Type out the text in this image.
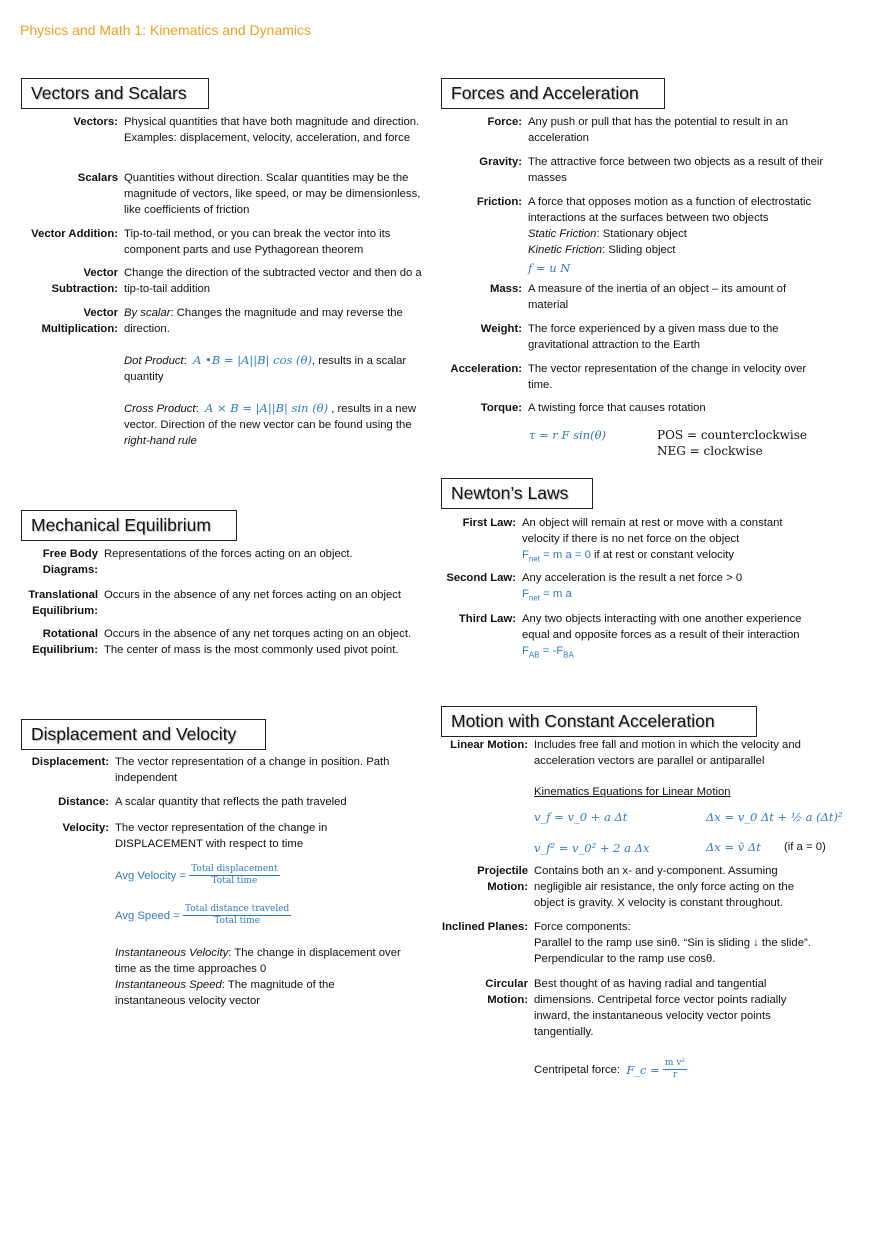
Physics and Math 1: Kinematics and Dynamics
Vectors and Scalars
Vectors: Physical quantities that have both magnitude and direction. Examples: displacement, velocity, acceleration, and force
Scalars Quantities without direction. Scalar quantities may be the magnitude of vectors, like speed, or may be dimensionless, like coefficients of friction
Vector Addition: Tip-to-tail method, or you can break the vector into its component parts and use Pythagorean theorem
Vector Subtraction:
Change the direction of the subtracted vector and then do a tip-to-tail addition
Vector Multiplication:
By scalar: Changes the magnitude and may reverse the direction.
Dot Product:  A •B = |A||B| cos (θ), results in a scalar quantity
Cross Product:  A × B = |A||B| sin (θ) , results in a new vector. Direction of the new vector can be found using the right-hand rule
Mechanical Equilibrium
Free Body Diagrams:
Representations of the forces acting on an object.
Translational Equilibrium:
Occurs in the absence of any net forces acting on an object
Rotational Equilibrium:
Occurs in the absence of any net torques acting on an object. The center of mass is the most commonly used pivot point.
Displacement and Velocity
Displacement: The vector representation of a change in position. Path independent
Distance: A scalar quantity that reflects the path traveled
Velocity: The vector representation of the change in DISPLACEMENT with respect to time
Avg Velocity =
$\frac{\text{Total displacement}}{\text{Total time}}$
Avg Speed =
$\frac{\text{Total distance traveled}}{\text{Total time}}$
Instantaneous Velocity: The change in displacement over time as the time approaches 0
Instantaneous Speed: The magnitude of the instantaneous velocity vector
Forces and Acceleration
Force: Any push or pull that has the potential to result in an acceleration
Gravity: The attractive force between two objects as a result of their masses
Friction: A force that opposes motion as a function of electrostatic interactions at the surfaces between two objects
Static Friction: Stationary object
Kinetic Friction: Sliding object
f = u N
Mass: A measure of the inertia of an object – its amount of material
Weight: The force experienced by a given mass due to the gravitational attraction to the Earth
Acceleration: The vector representation of the change in velocity over time.
Torque: A twisting force that causes rotation
τ = r F sin(θ)	POS = counterclockwise
NEG = clockwise
Newton’s Laws
First Law: An object will remain at rest or move with a constant velocity if there is no net force on the object
$F_{net} = m$ a = 0 if at rest or constant velocity
Second Law: Any acceleration is the result a net force > 0
$F_{net} = m$ a
Third Law: Any two objects interacting with one another experience equal and opposite forces as a result of their interaction
$F_{AB} = -F_{BA}$
Motion with Constant Acceleration
Linear Motion: Includes free fall and motion in which the velocity and acceleration vectors are parallel or antiparallel
Kinematics Equations for Linear Motion
v_f = v_0 + a Δt	Δx = v_0 Δt + ½ a (Δt)²
v_f² = v_0² + 2 a Δx	Δx = v̄ Δt (if a = 0)
Projectile Motion:
Contains both an x- and y-component. Assuming negligible air resistance, the only force acting on the object is gravity. X velocity is constant throughout.
Inclined Planes: Force components:
Parallel to the ramp use sinθ. “Sin is sliding ↓ the slide”.
Perpendicular to the ramp use cosθ.
Circular Motion:
Best thought of as having radial and tangential dimensions. Centripetal force vector points radially inward, the instantaneous velocity vector points tangentially.
Centripetal force:
F_c =
$\frac{\text{m v²}}{r}$
